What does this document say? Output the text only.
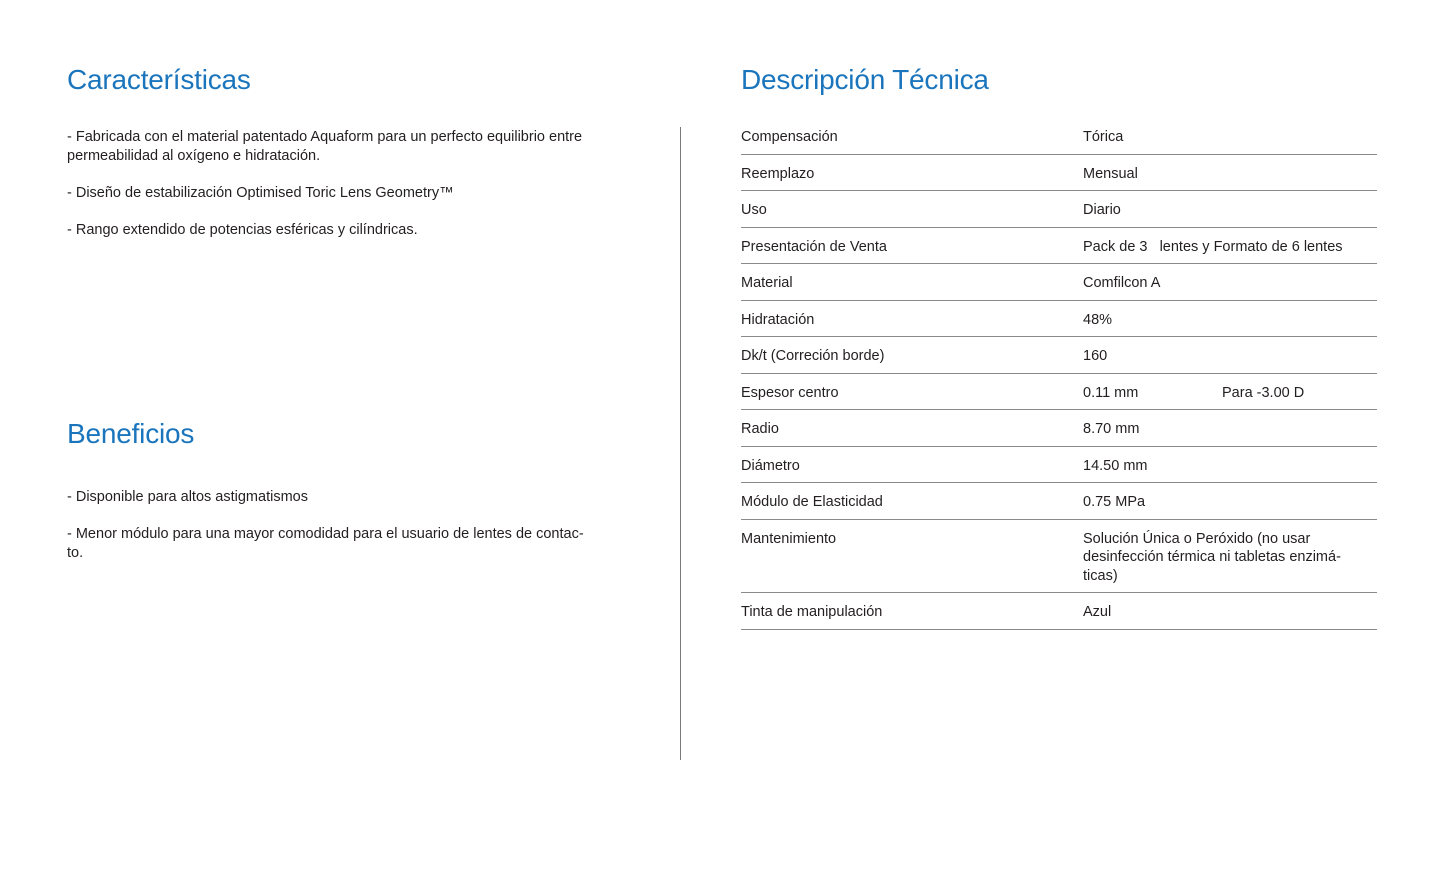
Características
- Fabricada con el material patentado Aquaform para un perfecto equilibrio entre permeabilidad al oxígeno e hidratación.
- Diseño de estabilización Optimised Toric Lens Geometry™
- Rango extendido de potencias esféricas y cilíndricas.
Beneficios
- Disponible para altos astigmatismos
- Menor módulo para una mayor comodidad para el usuario de lentes de contac-to.
Descripción Técnica
Compensación	Tórica
Reemplazo	Mensual
Uso	Diario
Presentación de Venta	Pack de 3   lentes y Formato de 6 lentes
Material	Comfilcon A
Hidratación	48%
Dk/t (Correción borde)	160
Espesor centro	0.11 mm	Para -3.00 D
Radio	8.70 mm
Diámetro	14.50 mm
Módulo de Elasticidad	0.75 MPa
Mantenimiento	Solución Única o Peróxido (no usar desinfección térmica ni tabletas enzimá-ticas)
Tinta de manipulación	Azul
